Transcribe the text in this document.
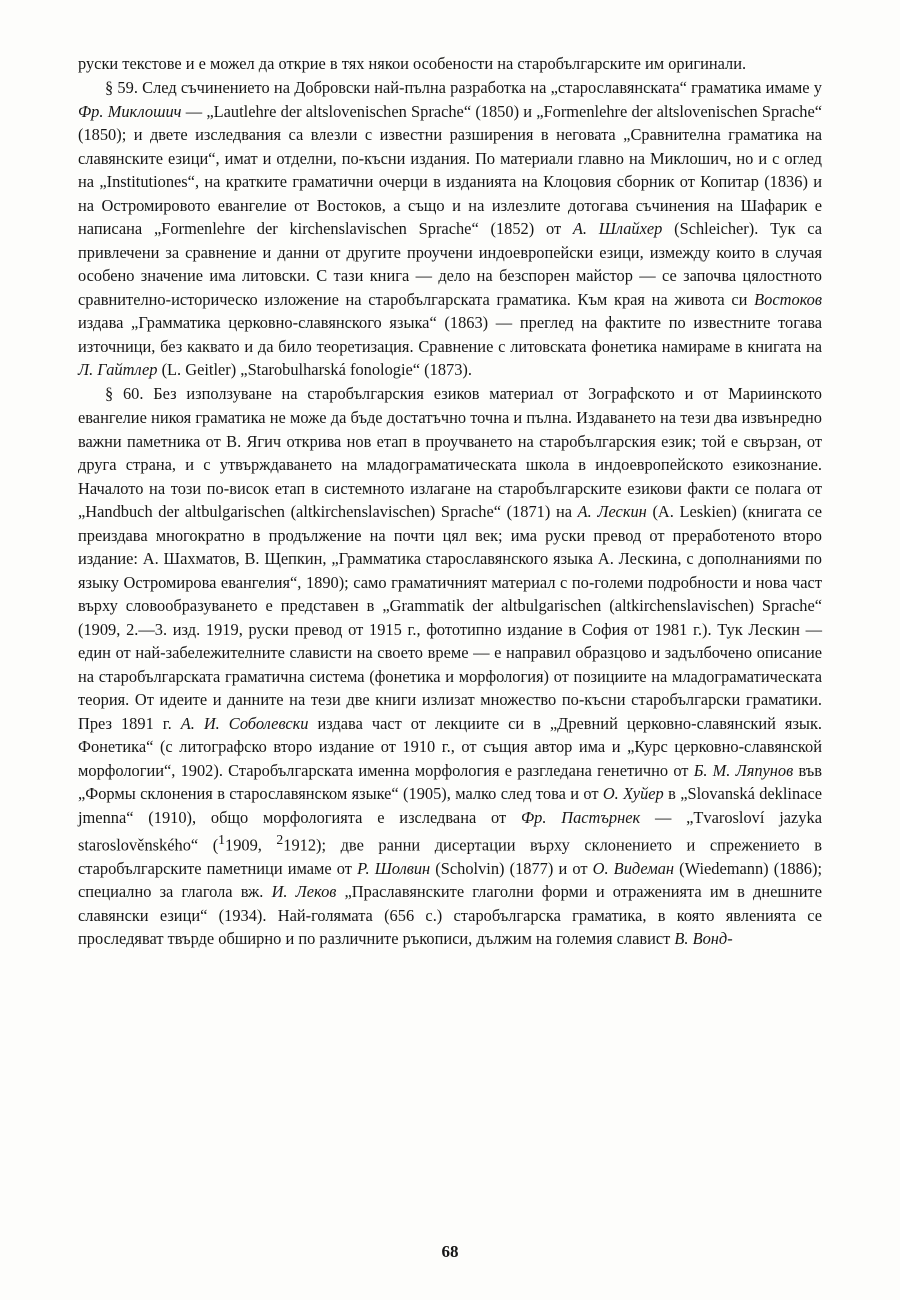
руски текстове и е можел да открие в тях някои особености на старобългарските им оригинали.

§ 59. След съчинението на Добровски най-пълна разработка на „старославянската“ граматика имаме у Фр. Миклошич — „Lautlehre der altslovenischen Sprache“ (1850) и „Formenlehre der altslovenischen Sprache“ (1850); и двете изследвания са влезли с известни разширения в неговата „Сравнителна граматика на славянските езици“, имат и отделни, по-късни издания. По материали главно на Миклошич, но и с оглед на „Institutiones“, на кратките граматични очерци в изданията на Клоцовия сборник от Копитар (1836) и на Остромировото евангелие от Востоков, а също и на излезлите дотогава съчинения на Шафарик е написана „Formenlehre der kirchenslavischen Sprache“ (1852) от А. Шлайхер (Schleicher). Тук са привлечени за сравнение и данни от другите проучени индоевропейски езици, измежду които в случая особено значение има литовски. С тази книга — дело на безспорен майстор — се започва цялостното сравнително-историческо изложение на старобългарската граматика. Към края на живота си Востоков издава „Грамматика церковно-славянского языка“ (1863) — преглед на фактите по известните тогава източници, без каквато и да било теоретизация. Сравнение с литовската фонетика намираме в книгата на Л. Гайтлер (L. Geitler) „Starobulharská fonologie“ (1873).

§ 60. Без използуване на старобългарския езиков материал от Зографското и от Мариинското евангелие никоя граматика не може да бъде достатъчно точна и пълна. Издаването на тези два извънредно важни паметника от В. Ягич открива нов етап в проучването на старобългарския език; той е свързан, от друга страна, и с утвърждаването на младограматическата школа в индоевропейското езикознание. Началото на този по-висок етап в системното излагане на старобългарските езикови факти се полага от „Handbuch der altbulgarischen (altkirchenslavischen) Sprache“ (1871) на А. Лескин (A. Leskien) (книгата се преиздава многократно в продължение на почти цял век; има руски превод от преработеното второ издание: А. Шахматов, В. Щепкин, „Грамматика старославянского языка А. Лескина, с дополнаниями по языку Остромирова евангелия“, 1890); само граматичният материал с по-големи подробности и нова част върху словообразуването е представен в „Grammatik der altbulgarischen (altkirchenslavischen) Sprache“ (1909, 2.—3. изд. 1919, руски превод от 1915 г., фототипно издание в София от 1981 г.). Тук Лескин — един от най-забележителните слависти на своето време — е направил образцово и задълбочено описание на старобългарската граматична система (фонетика и морфология) от позициите на младограматическата теория. От идеите и данните на тези две книги излизат множество по-късни старобългарски граматики. През 1891 г. А. И. Соболевски издава част от лекциите си в „Древний церковно-славянский язык. Фонетика“ (с литографско второ издание от 1910 г., от същия автор има и „Курс церковно-славянской морфологии“, 1902). Старобългарската именна морфология е разгледана генетично от Б. М. Ляпунов във „Формы склонения в старославянском языке“ (1905), малко след това и от О. Хуйер в „Slovanská deklinace jmenna“ (1910), общо морфологията е изследвана от Фр. Пастърнек — „Tvarosloví jazyka staroslověnského“ ($^1$1909, $^2$1912); две ранни дисертации върху склонението и спрежението в старобългарските паметници имаме от Р. Шолвин (Scholvin) (1877) и от О. Видеман (Wiedemann) (1886); специално за глагола вж. И. Леков „Праславянските глаголни форми и отраженията им в днешните славянски езици“ (1934). Най-голямата (656 с.) старобългарска граматика, в която явленията се проследяват твърде обширно и по различните ръкописи, дължим на големия славист В. Вонд-

68
